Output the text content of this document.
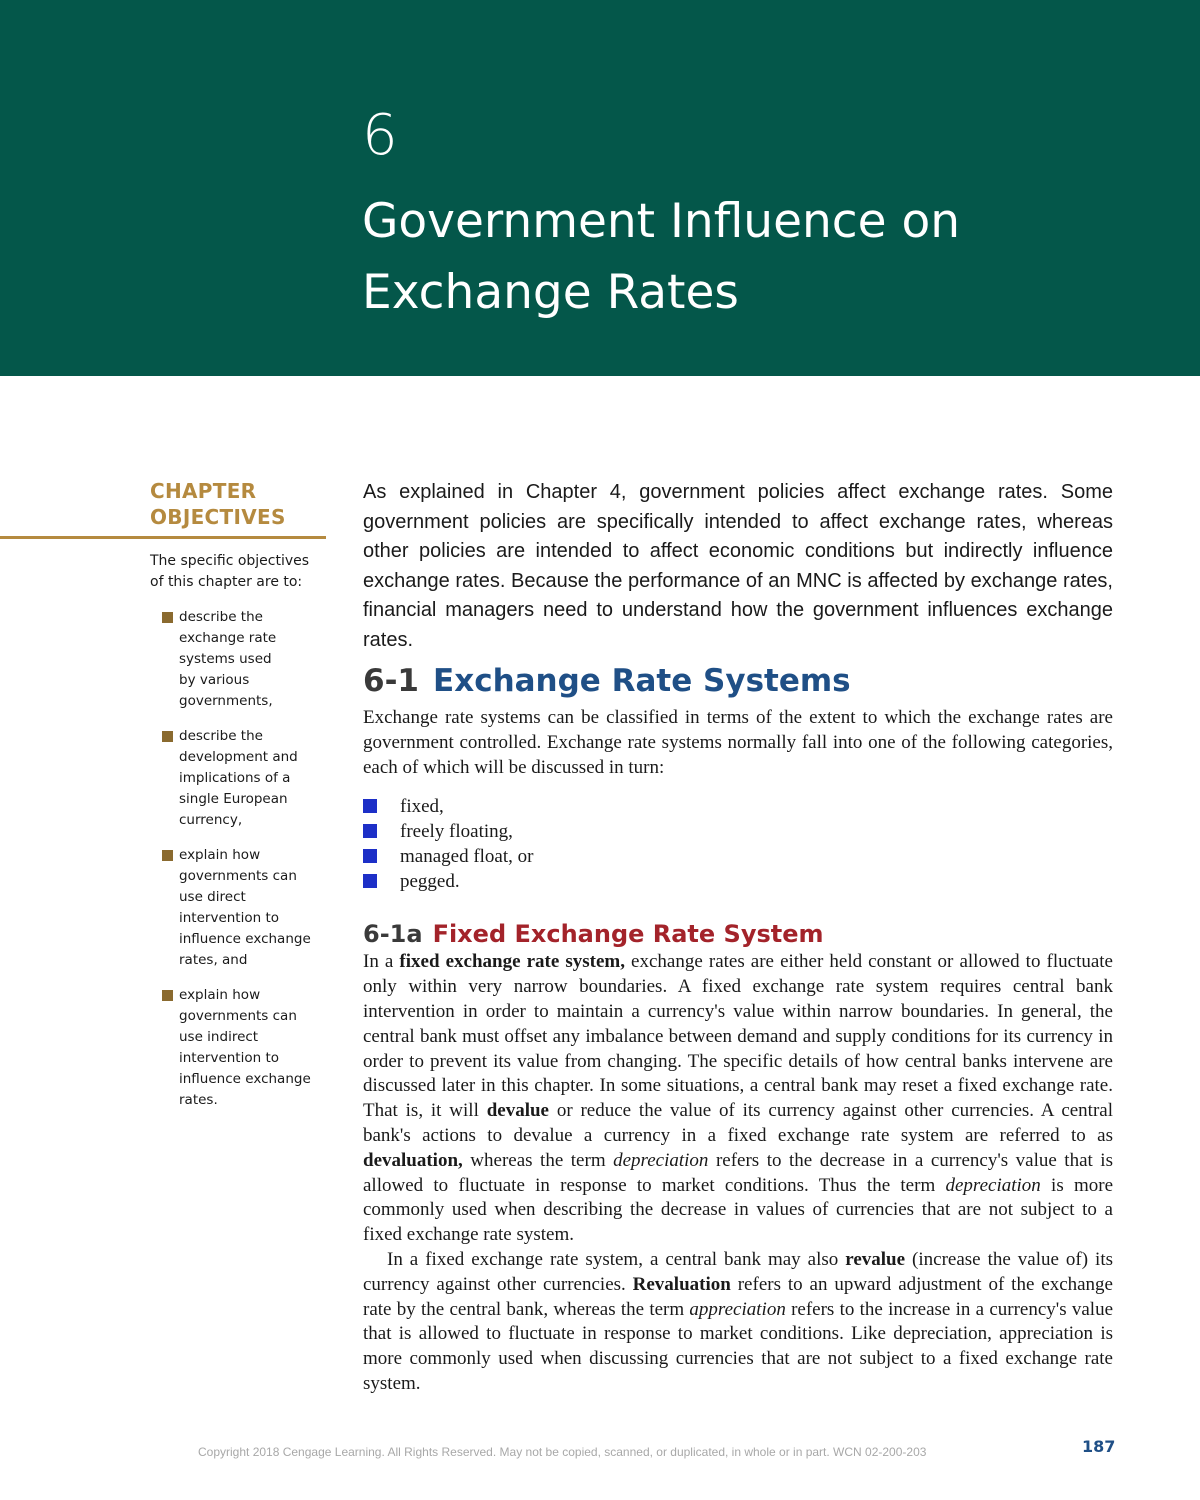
6
Government Influence on
Exchange Rates
CHAPTER
OBJECTIVES
The specific objectives
of this chapter are to:
describe the
exchange rate
systems used
by various
governments,
describe the
development and
implications of a
single European
currency,
explain how
governments can
use direct
intervention to
influence exchange
rates, and
explain how
governments can
use indirect
intervention to
influence exchange
rates.

As explained in Chapter 4, government policies affect exchange rates. Some government policies are specifically intended to affect exchange rates, whereas other policies are intended to affect economic conditions but indirectly influence exchange rates. Because the performance of an MNC is affected by exchange rates, financial managers need to understand how the government influences exchange rates.

6-1 Exchange Rate Systems

Exchange rate systems can be classified in terms of the extent to which the exchange rates are government controlled. Exchange rate systems normally fall into one of the following categories, each of which will be discussed in turn:

fixed,
freely floating,
managed float, or
pegged.
6-1a Fixed Exchange Rate System

In a fixed exchange rate system, exchange rates are either held constant or allowed to fluctuate only within very narrow boundaries. A fixed exchange rate system requires central bank intervention in order to maintain a currency's value within narrow boundaries. In general, the central bank must offset any imbalance between demand and supply conditions for its currency in order to prevent its value from changing. The specific details of how central banks intervene are discussed later in this chapter. In some situations, a central bank may reset a fixed exchange rate. That is, it will devalue or reduce the value of its currency against other currencies. A central bank's actions to devalue a currency in a fixed exchange rate system are referred to as devaluation, whereas the term depreciation refers to the decrease in a currency's value that is allowed to fluctuate in response to market conditions. Thus the term depreciation is more commonly used when describing the decrease in values of currencies that are not subject to a fixed exchange rate system.

In a fixed exchange rate system, a central bank may also revalue (increase the value of) its currency against other currencies. Revaluation refers to an upward adjustment of the exchange rate by the central bank, whereas the term appreciation refers to the increase in a currency's value that is allowed to fluctuate in response to market conditions. Like depreciation, appreciation is more commonly used when discussing currencies that are not subject to a fixed exchange rate system.

Copyright 2018 Cengage Learning. All Rights Reserved. May not be copied, scanned, or duplicated, in whole or in part. WCN 02-200-203	187
